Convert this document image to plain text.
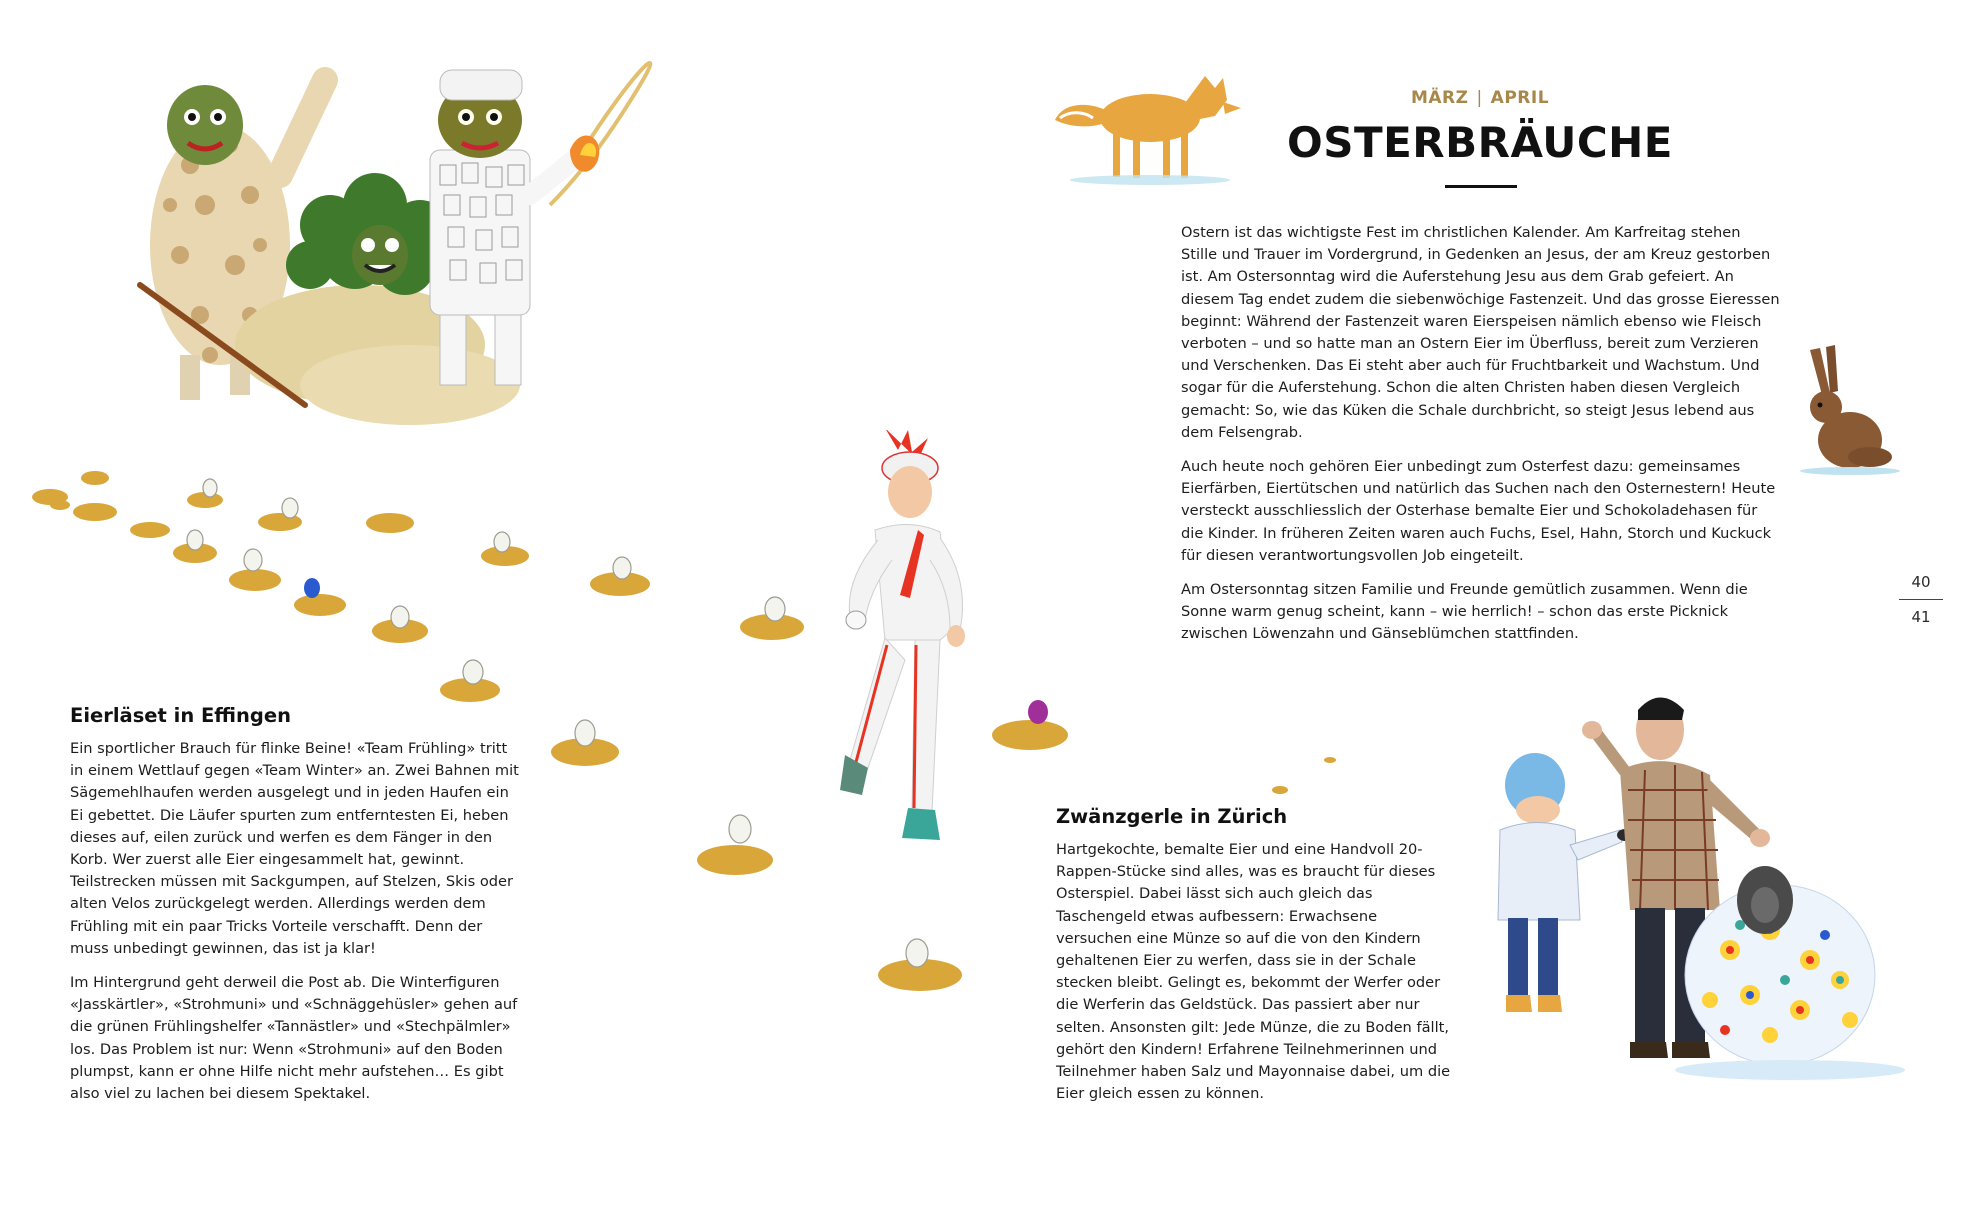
MÄRZ | APRIL
OSTERBRÄUCHE

Ostern ist das wichtigste Fest im christlichen Kalender. Am Karfreitag stehen Stille und Trauer im Vordergrund, in Gedenken an Jesus, der am Kreuz gestorben ist. Am Ostersonntag wird die Auferstehung Jesu aus dem Grab gefeiert. An diesem Tag endet zudem die siebenwöchige Fastenzeit. Und das grosse Eieressen beginnt: Während der Fastenzeit waren Eierspeisen nämlich ebenso wie Fleisch verboten – und so hatte man an Ostern Eier im Überfluss, bereit zum Verzieren und Verschenken. Das Ei steht aber auch für Fruchtbarkeit und Wachstum. Und sogar für die Auferstehung. Schon die alten Christen haben diesen Vergleich gemacht: So, wie das Küken die Schale durchbricht, so steigt Jesus lebend aus dem Felsengrab.

Auch heute noch gehören Eier unbedingt zum Osterfest dazu: gemeinsames Eierfärben, Eiertütschen und natürlich das Suchen nach den Osternestern! Heute versteckt ausschliesslich der Osterhase bemalte Eier und Schokoladehasen für die Kinder. In früheren Zeiten waren auch Fuchs, Esel, Hahn, Storch und Kuckuck für diesen verantwortungsvollen Job eingeteilt.

Am Ostersonntag sitzen Familie und Freunde gemütlich zusammen. Wenn die Sonne warm genug scheint, kann – wie herrlich! – schon das erste Picknick zwischen Löwenzahn und Gänseblümchen stattfinden.

Eierläset in Effingen

Ein sportlicher Brauch für flinke Beine! «Team Frühling» tritt in einem Wettlauf gegen «Team Winter» an. Zwei Bahnen mit Sägemehlhaufen werden ausgelegt und in jeden Haufen ein Ei gebettet. Die Läufer spurten zum entferntesten Ei, heben dieses auf, eilen zurück und werfen es dem Fänger in den Korb. Wer zuerst alle Eier eingesammelt hat, gewinnt. Teilstrecken müssen mit Sackgumpen, auf Stelzen, Skis oder alten Velos zurückgelegt werden. Allerdings werden dem Frühling mit ein paar Tricks Vorteile verschafft. Denn der muss unbedingt gewinnen, das ist ja klar!

Im Hintergrund geht derweil die Post ab. Die Winterfiguren «Jasskärtler», «Strohmuni» und «Schnäggehüsler» gehen auf die grünen Frühlingshelfer «Tannästler» und «Stechpälmler» los. Das Problem ist nur: Wenn «Strohmuni» auf den Boden plumpst, kann er ohne Hilfe nicht mehr aufstehen… Es gibt also viel zu lachen bei diesem Spektakel.

Zwänzgerle in Zürich

Hartgekochte, bemalte Eier und eine Handvoll 20-Rappen-Stücke sind alles, was es braucht für dieses Osterspiel. Dabei lässt sich auch gleich das Taschengeld etwas aufbessern: Erwachsene versuchen eine Münze so auf die von den Kindern gehaltenen Eier zu werfen, dass sie in der Schale stecken bleibt. Gelingt es, bekommt der Werfer oder die Werferin das Geldstück. Das passiert aber nur selten. Ansonsten gilt: Jede Münze, die zu Boden fällt, gehört den Kindern! Erfahrene Teilnehmerinnen und Teilnehmer haben Salz und Mayonnaise dabei, um die Eier gleich essen zu können.

40
41
